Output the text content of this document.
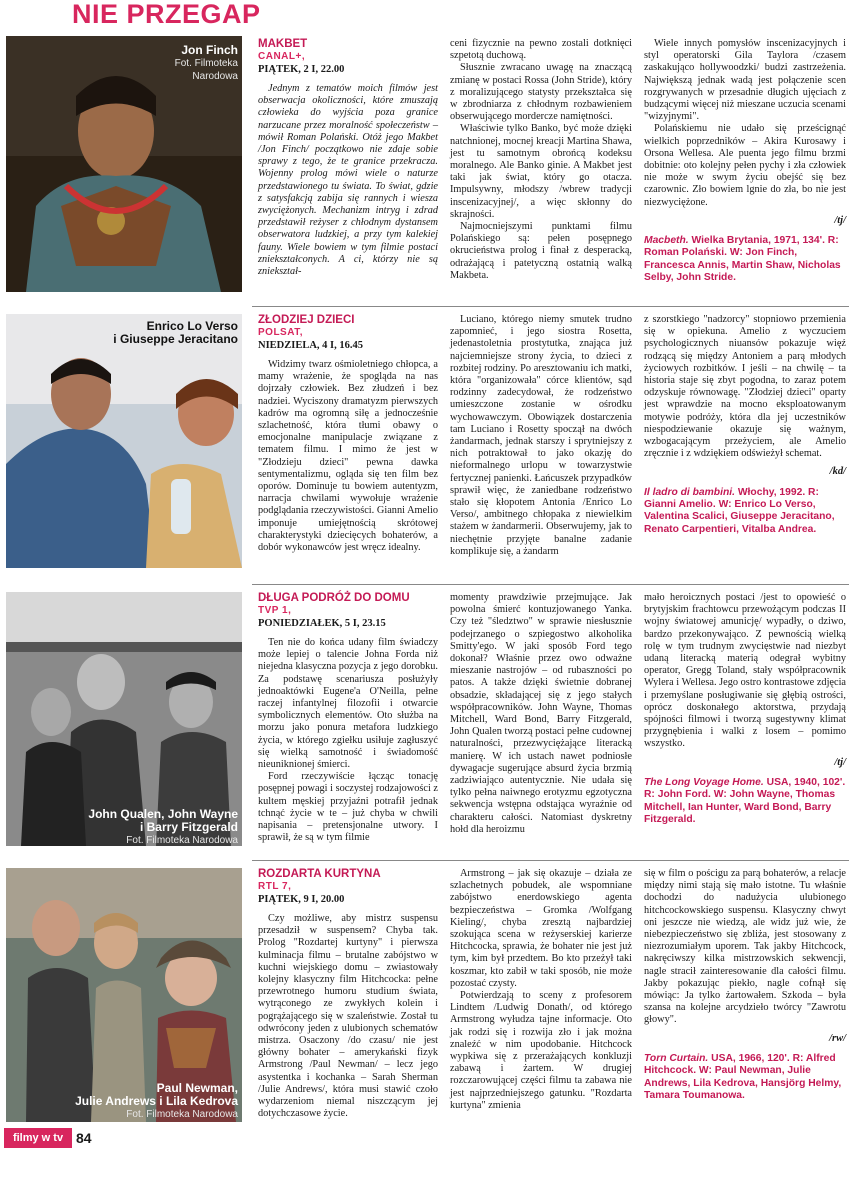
NIE PRZEGAP
Jon Finch
Fot. Filmoteka
Narodowa
MAKBET
CANAL+,
PIĄTEK, 2 I, 22.00

Jednym z tematów moich filmów jest obserwacja okoliczności, które zmuszają człowieka do wyjścia poza granice narzucane przez moralność społeczeństw – mówił Roman Polański. Otóż jego Makbet /Jon Finch/ początkowo nie zdaje sobie sprawy z tego, że te granice przekracza. Wojenny prolog mówi wiele o naturze przedstawionego tu świata. To świat, gdzie z satysfakcją zabija się rannych i wiesza zwyciężonych. Mechanizm intryg i zdrad przedstawił reżyser z chłodnym dystansem obserwatora ludzkiej, a przy tym kalekiej fauny. Wiele bowiem w tym filmie postaci zniekształconych. A ci, którzy nie są zniekształ-

ceni fizycznie na pewno zostali dotknięci szpetotą duchową.

Słusznie zwracano uwagę na znaczącą zmianę w postaci Rossa (John Stride), który z moralizującego statysty przekształca się w zbrodniarza z chłodnym rozbawieniem obserwującego mordercze namiętności.

Właściwie tylko Banko, być może dzięki natchnionej, mocnej kreacji Martina Shawa, jest tu samotnym obrońcą kodeksu moralnego. Ale Banko ginie. A Makbet jest taki jak świat, który go otacza. Impulsywny, młodszy /wbrew tradycji inscenizacyjnej/, a więc skłonny do skrajności.

Najmocniejszymi punktami filmu Polańskiego są: pełen posępnego okrucieństwa prolog i finał z desperacką, odrażającą i patetyczną ostatnią walką Makbeta.

Wiele innych pomysłów inscenizacyjnych i styl operatorski Gila Taylora /czasem zaskakująco hollywoodzki/ budzi zastrzeżenia. Największą jednak wadą jest połączenie scen rozgrywanych w przesadnie długich ujęciach z budzącymi więcej niż mieszane uczucia scenami "wizyjnymi".

Polańskiemu nie udało się prześcignąć wielkich poprzedników – Akira Kurosawy i Orsona Wellesa. Ale puenta jego filmu brzmi dobitnie: oto kolejny pełen pychy i zła człowiek nie może w swym życiu obejść się bez czarownic. Zło bowiem lgnie do zła, bo nie jest niezwyciężone.

/tj/
Macbeth. Wielka Brytania, 1971, 134'. R: Roman Polański. W: Jon Finch, Francesca Annis, Martin Shaw, Nicholas Selby, John Stride.
Enrico Lo Verso
i Giuseppe Jeracitano
ZŁODZIEJ DZIECI
POLSAT,
NIEDZIELA, 4 I, 16.45

Widzimy twarz ośmioletniego chłopca, a mamy wrażenie, że spogląda na nas dojrzały człowiek. Bez złudzeń i bez nadziei. Wyciszony dramatyzm pierwszych kadrów ma ogromną siłę a jednocześnie szlachetność, która tłumi obawy o emocjonalne manipulacje związane z tematem filmu. I mimo że jest w "Złodzieju dzieci" pewna dawka sentymentalizmu, ogląda się ten film bez oporów. Dominuje tu bowiem autentyzm, narracja chwilami wywołuje wrażenie podglądania rzeczywistości. Gianni Amelio imponuje umiejętnością skrótowej charakterystyki dziecięcych bohaterów, a dobór wykonawców jest wręcz idealny.

Luciano, którego niemy smutek trudno zapomnieć, i jego siostra Rosetta, jedenastoletnia prostytutka, znająca już najciemniejsze strony życia, to dzieci z rozbitej rodziny. Po aresztowaniu ich matki, która "organizowała" córce klientów, sąd rodzinny zadecydował, że rodzeństwo umieszczone zostanie w ośrodku wychowawczym. Obowiązek dostarczenia tam Luciano i Rosetty spoczął na dwóch żandarmach, jednak starszy i sprytniejszy z nich potraktował to jako okazję do nieformalnego urlopu w towarzystwie fertycznej panienki. Łańcuszek przypadków sprawił więc, że zaniedbane rodzeństwo stało się kłopotem Antonia /Enrico Lo Verso/, ambitnego chłopaka z niewielkim stażem w żandarmerii. Obserwujemy, jak to niechętnie przyjęte banalne zadanie komplikuje się, a żandarm

z szorstkiego "nadzorcy" stopniowo przemienia się w opiekuna. Amelio z wyczuciem psychologicznych niuansów pokazuje więź rodzącą się między Antoniem a parą młodych życiowych rozbitków. I jeśli – na chwilę – ta historia staje się zbyt pogodna, to zaraz potem odzyskuje równowagę. "Złodziej dzieci" oparty jest wprawdzie na mocno eksploatowanym motywie podróży, która dla jej uczestników niespodziewanie okazuje się ważnym, wzbogacającym przeżyciem, ale Amelio zręcznie i z wdziękiem odświeżył schemat.

/kd/
Il ladro di bambini. Włochy, 1992. R: Gianni Amelio. W: Enrico Lo Verso, Valentina Scalici, Giuseppe Jeracitano, Renato Carpentieri, Vitalba Andrea.
John Qualen, John Wayne
i Barry Fitzgerald
Fot. Filmoteka Narodowa
DŁUGA PODRÓŻ DO DOMU
TVP 1,
PONIEDZIAŁEK, 5 I, 23.15

Ten nie do końca udany film świadczy może lepiej o talencie Johna Forda niż niejedna klasyczna pozycja z jego dorobku. Za podstawę scenariusza posłużyły jednoaktówki Eugene'a O'Neilla, pełne raczej infantylnej filozofii i otwarcie symbolicznych elementów. Oto służba na morzu jako ponura metafora ludzkiego życia, w którego zgiełku usiłuje zagłuszyć się wielką samotność i świadomość nieuniknionej śmierci.

Ford rzeczywiście łącząc tonację posępnej powagi i soczystej rodzajowości z kultem męskiej przyjaźni potrafił jednak tchnąć życie w te – już chyba w chwili napisania – pretensjonalne utwory. I sprawił, że są w tym filmie

momenty prawdziwie przejmujące. Jak powolna śmierć kontuzjowanego Yanka. Czy też "śledztwo" w sprawie niesłusznie podejrzanego o szpiegostwo alkoholika Smitty'ego. W jaki sposób Ford tego dokonał? Właśnie przez owo odważne mieszanie nastrojów – od rubaszności po patos. A także dzięki świetnie dobranej obsadzie, składającej się z jego stałych współpracowników. John Wayne, Thomas Mitchell, Ward Bond, Barry Fitzgerald, John Qualen tworzą postaci pełne cudownej naturalności, przezwyciężające literacką manierę. W ich ustach nawet podniosłe dywagacje sugerujące absurd życia brzmią zadziwiająco autentycznie. Nie udała się tylko pełna naiwnego erotyzmu egzotyczna sekwencja wstępna odstająca wyraźnie od charakteru całości. Natomiast dyskretny hołd dla heroizmu

mało heroicznych postaci /jest to opowieść o brytyjskim frachtowcu przewożącym podczas II wojny światowej amunicję/ wypadły, o dziwo, bardzo przekonywająco. Z pewnością wielką rolę w tym trudnym zwycięstwie nad niezbyt udaną literacką materią odegrał wybitny operator, Gregg Toland, stały współpracownik Wylera i Wellesa. Jego ostro kontrastowe zdjęcia i przemyślane posługiwanie się głębią ostrości, oprócz doskonałego aktorstwa, przydają spójności filmowi i tworzą sugestywny klimat przygnębienia i walki z losem – pomimo wszystko.

/tj/
The Long Voyage Home. USA, 1940, 102'. R: John Ford. W: John Wayne, Thomas Mitchell, Ian Hunter, Ward Bond, Barry Fitzgerald.
Paul Newman,
Julie Andrews i Lila Kedrova
Fot. Filmoteka Narodowa
ROZDARTA KURTYNA
RTL 7,
PIĄTEK, 9 I, 20.00

Czy możliwe, aby mistrz suspensu przesadził w suspensem? Chyba tak. Prolog "Rozdartej kurtyny" i pierwsza kulminacja filmu – brutalne zabójstwo w kuchni wiejskiego domu – zwiastowały kolejny klasyczny film Hitchcocka: pełne przewrotnego humoru studium świata, wytrąconego ze zwykłych kolein i pogrążającego się w szaleństwie. Został tu odwrócony jeden z ulubionych schematów mistrza. Osaczony /do czasu/ nie jest główny bohater – amerykański fizyk Armstrong /Paul Newman/ – lecz jego asystentka i kochanka – Sarah Sherman /Julie Andrews/, która musi stawić czoło wydarzeniom niemal niszczącym jej dotychczasowe życie.

Armstrong – jak się okazuje – działa ze szlachetnych pobudek, ale wspomniane zabójstwo enerdowskiego agenta bezpieczeństwa – Gromka /Wolfgang Kieling/, chyba zresztą najbardziej szokująca scena w reżyserskiej karierze Hitchcocka, sprawia, że bohater nie jest już tym, kim był przedtem. Bo kto przeżył taki koszmar, kto zabił w taki sposób, nie może pozostać czysty.

Potwierdzają to sceny z profesorem Lindtem /Ludwig Donath/, od którego Armstrong wyłudza tajne informacje. Oto jak rodzi się i rozwija zło i jak można znaleźć w nim upodobanie. Hitchcock wypkiwa się z przerażających konkluzji zabawą i żartem. W drugiej rozczarowującej części filmu ta zabawa nie jest najprzedniejszego gatunku. "Rozdarta kurtyna" zmienia

się w film o pościgu za parą bohaterów, a relacje między nimi stają się mało istotne. Tu właśnie dochodzi do nadużycia ulubionego hitchcockowskiego suspensu. Klasyczny chwyt oni jeszcze nie wiedzą, ale widz już wie, że niebezpieczeństwo się zbliża, jest stosowany z niezrozumiałym uporem. Tak jakby Hitchcock, nakręciwszy kilka mistrzowskich sekwencji, nagle stracił zainteresowanie dla całości filmu. Jakby pokazując piekło, nagle cofnął się mówiąc: Ja tylko żartowałem. Szkoda – była szansa na kolejne arcydzieło twórcy "Zawrotu głowy".

/rw/
Torn Curtain. USA, 1966, 120'. R: Alfred Hitchcock. W: Paul Newman, Julie Andrews, Lila Kedrova, Hansjörg Helmy, Tamara Toumanowa.
filmy w tv 84
